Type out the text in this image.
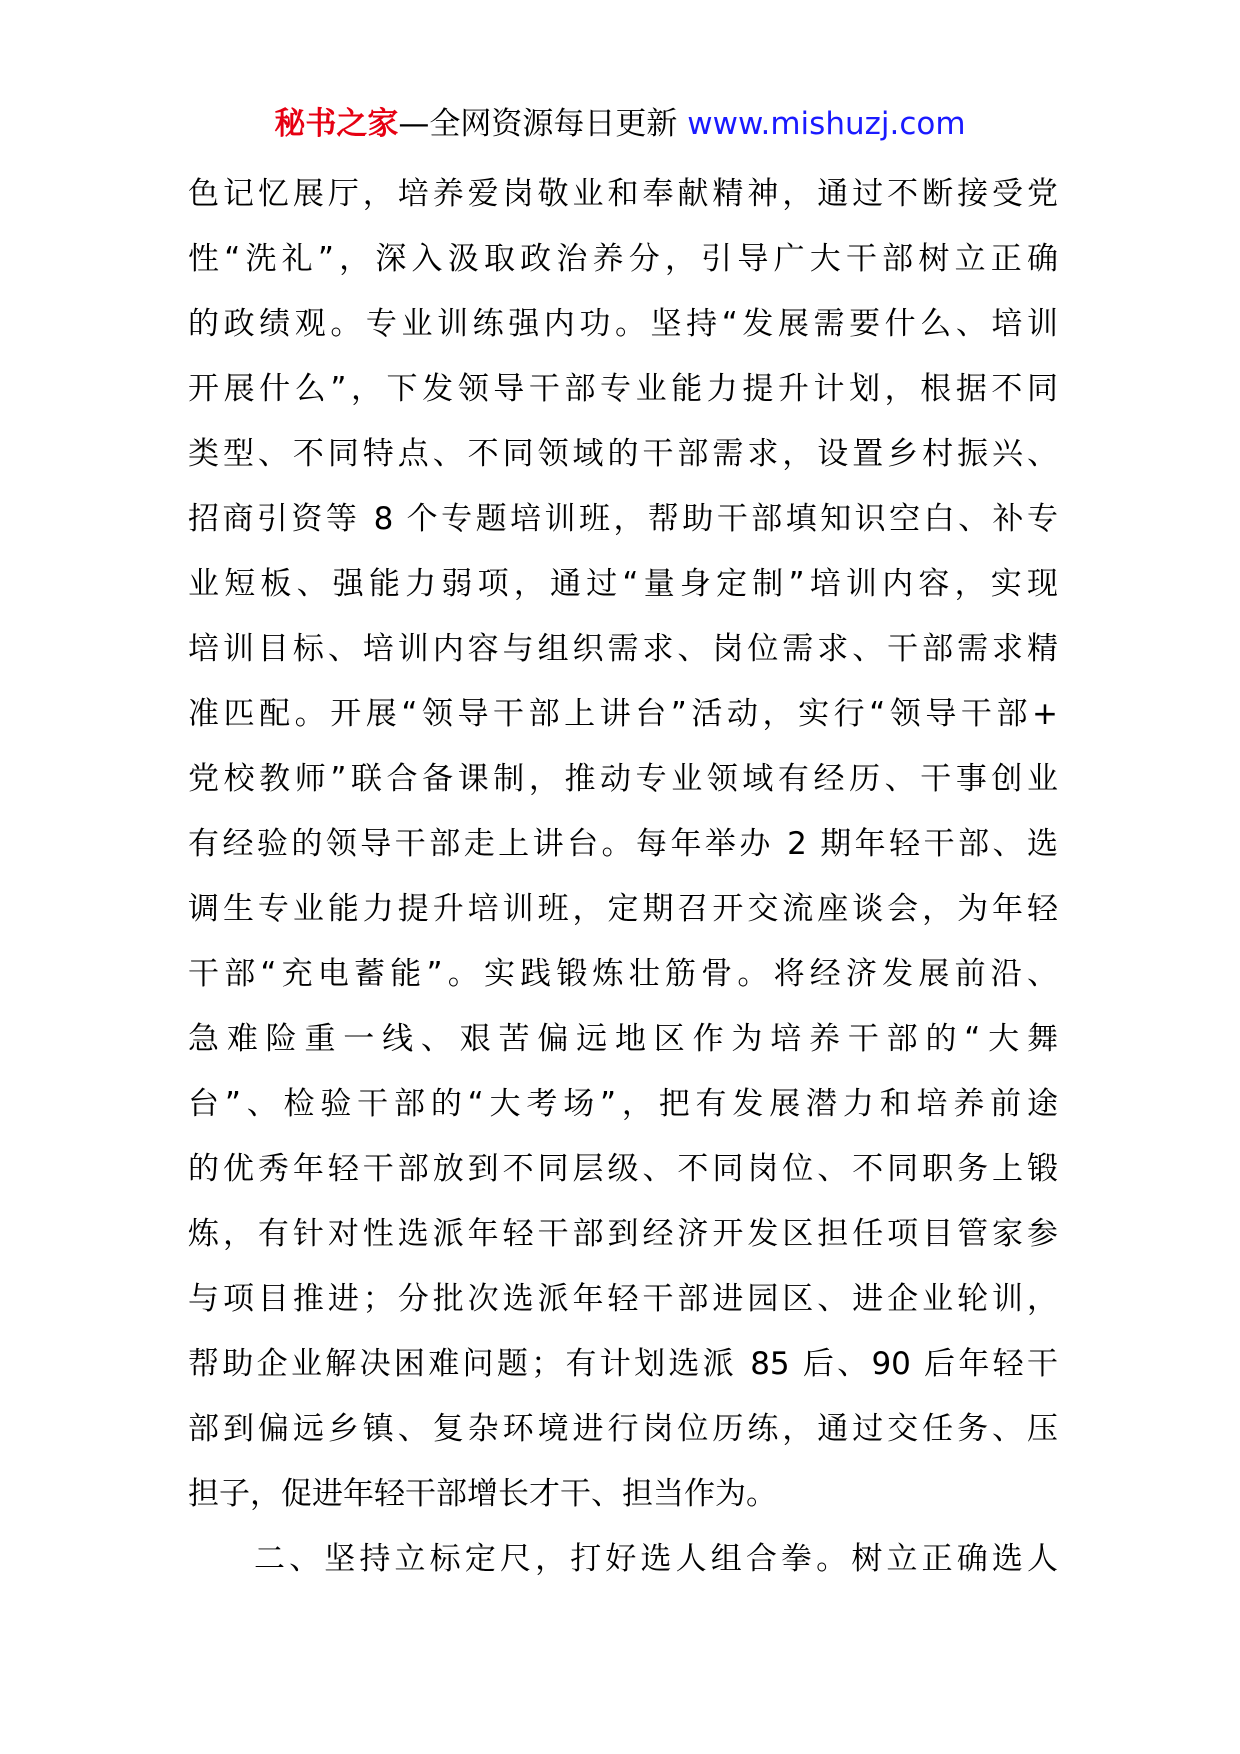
秘书之家—全网资源每日更新 www.mishuzj.com
色记忆展厅，培养爱岗敬业和奉献精神，通过不断接受党
性“洗礼”，深入汲取政治养分，引导广大干部树立正确
的政绩观。专业训练强内功。坚持“发展需要什么、培训
开展什么”，下发领导干部专业能力提升计划，根据不同
类型、不同特点、不同领域的干部需求，设置乡村振兴、
招商引资等 8 个专题培训班，帮助干部填知识空白、补专
业短板、强能力弱项，通过“量身定制”培训内容，实现
培训目标、培训内容与组织需求、岗位需求、干部需求精
准匹配。开展“领导干部上讲台”活动，实行“领导干部+
党校教师”联合备课制，推动专业领域有经历、干事创业
有经验的领导干部走上讲台。每年举办 2 期年轻干部、选
调生专业能力提升培训班，定期召开交流座谈会，为年轻
干部“充电蓄能”。实践锻炼壮筋骨。将经济发展前沿、
急难险重一线、艰苦偏远地区作为培养干部的“大舞
台”、检验干部的“大考场”，把有发展潜力和培养前途
的优秀年轻干部放到不同层级、不同岗位、不同职务上锻
炼，有针对性选派年轻干部到经济开发区担任项目管家参
与项目推进；分批次选派年轻干部进园区、进企业轮训，
帮助企业解决困难问题；有计划选派 85 后、90 后年轻干
部到偏远乡镇、复杂环境进行岗位历练，通过交任务、压
担子，促进年轻干部增长才干、担当作为。
二、坚持立标定尺，打好选人组合拳。树立正确选人
